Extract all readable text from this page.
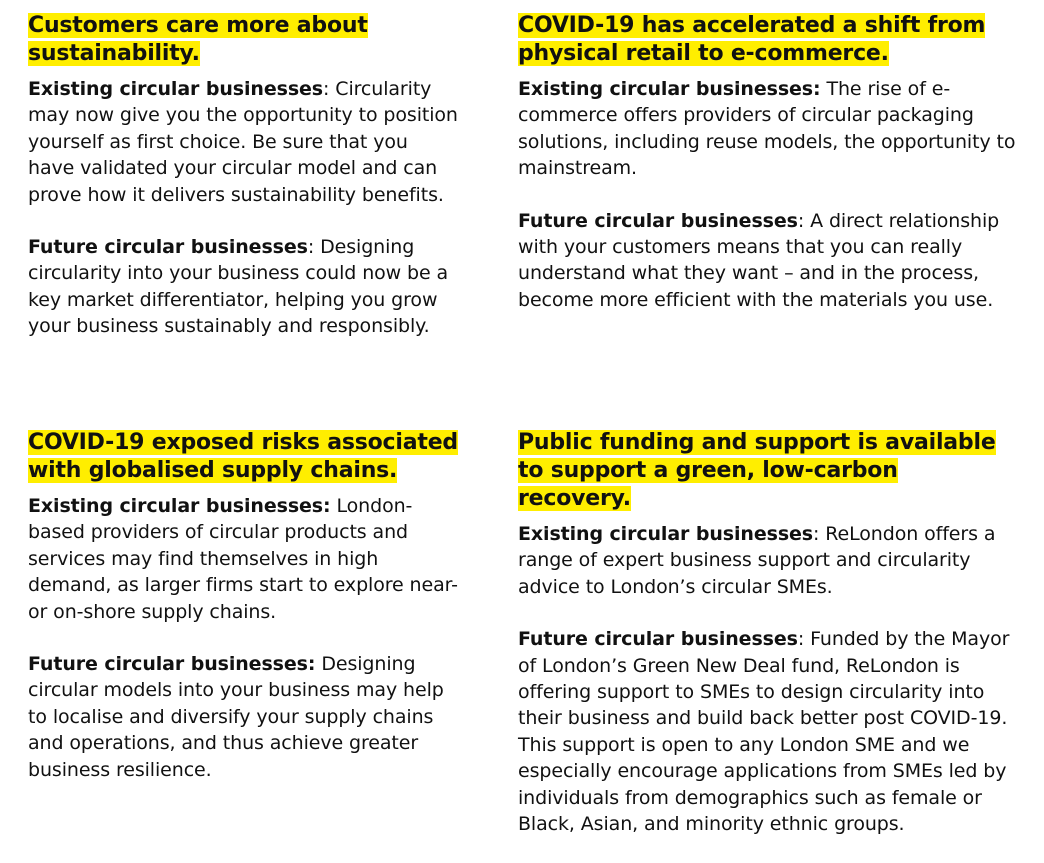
Customers care more about sustainability.

Existing circular businesses: Circularity may now give you the opportunity to position yourself as first choice. Be sure that you have validated your circular model and can prove how it delivers sustainability benefits.

Future circular businesses: Designing circularity into your business could now be a key market differentiator, helping you grow your business sustainably and responsibly.

COVID-19 has accelerated a shift from physical retail to e-commerce.

Existing circular businesses: The rise of e-commerce offers providers of circular packaging solutions, including reuse models, the opportunity to mainstream.

Future circular businesses: A direct relationship with your customers means that you can really understand what they want – and in the process, become more efficient with the materials you use.

COVID-19 exposed risks associated with globalised supply chains.

Existing circular businesses: London-based providers of circular products and services may find themselves in high demand, as larger firms start to explore near- or on-shore supply chains.

Future circular businesses: Designing circular models into your business may help to localise and diversify your supply chains and operations, and thus achieve greater business resilience.

Public funding and support is available to support a green, low-carbon recovery.

Existing circular businesses: ReLondon offers a range of expert business support and circularity advice to London’s circular SMEs.

Future circular businesses: Funded by the Mayor of London’s Green New Deal fund, ReLondon is offering support to SMEs to design circularity into their business and build back better post COVID-19. This support is open to any London SME and we especially encourage applications from SMEs led by individuals from demographics such as female or Black, Asian, and minority ethnic groups.
